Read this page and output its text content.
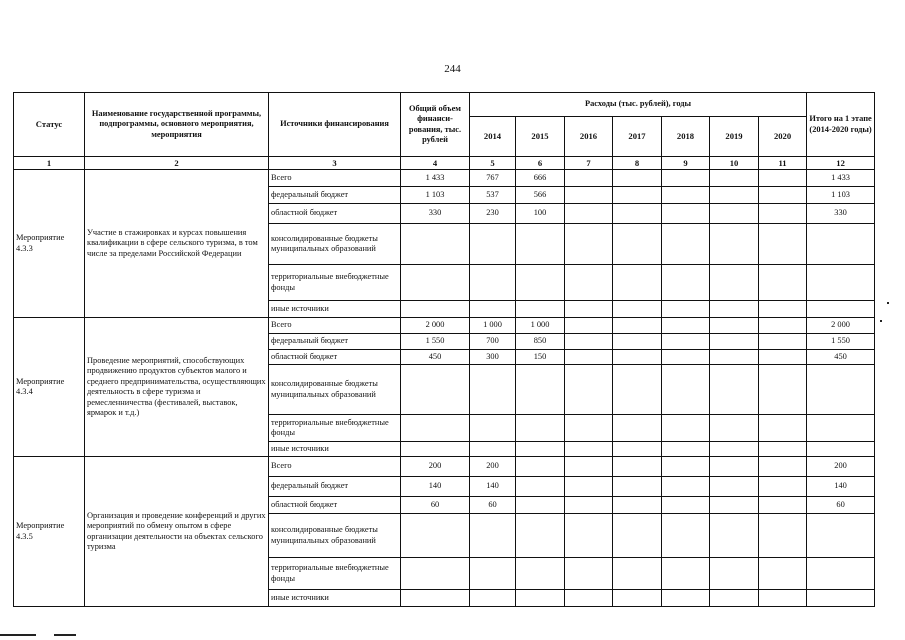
244
Статус	Наименование государственной программы, подпрограммы, основного мероприятия, мероприятия	Источники финансирования	Общий объем финанси-рования, тыс. рублей	Расходы (тыс. рублей), годы							Итого на 1 этапе (2014-2020 годы)
				2014	2015	2016	2017	2018	2019	2020	
1	2	3	4	5	6	7	8	9	10	11	12
Мероприятие 4.3.3	Участие в стажировках и курсах повышения квалификации в сфере сельского туризма, в том числе за пределами Российской Федерации	Всего	1 433	767	666						1 433
		федеральный бюджет	1 103	537	566						1 103
		областной бюджет	330	230	100						330
		консолидированные бюджеты муниципальных образований									
		территориальные внебюджетные фонды									
		иные источники									
Мероприятие 4.3.4	Проведение мероприятий, способствующих продвижению продуктов субъектов малого и среднего предпринимательства, осуществляющих деятельность в сфере туризма и ремесленничества (фестивалей, выставок, ярмарок и т.д.)	Всего	2 000	1 000	1 000						2 000
		федеральный бюджет	1 550	700	850						1 550
		областной бюджет	450	300	150						450
		консолидированные бюджеты муниципальных образований									
		территориальные внебюджетные фонды									
		иные источники									
Мероприятие 4.3.5	Организация и проведение конференций и других мероприятий по обмену опытом в сфере организации деятельности на объектах сельского туризма	Всего	200	200							200
		федеральный бюджет	140	140							140
		областной бюджет	60	60							60
		консолидированные бюджеты муниципальных образований									
		территориальные внебюджетные фонды									
		иные источники									
